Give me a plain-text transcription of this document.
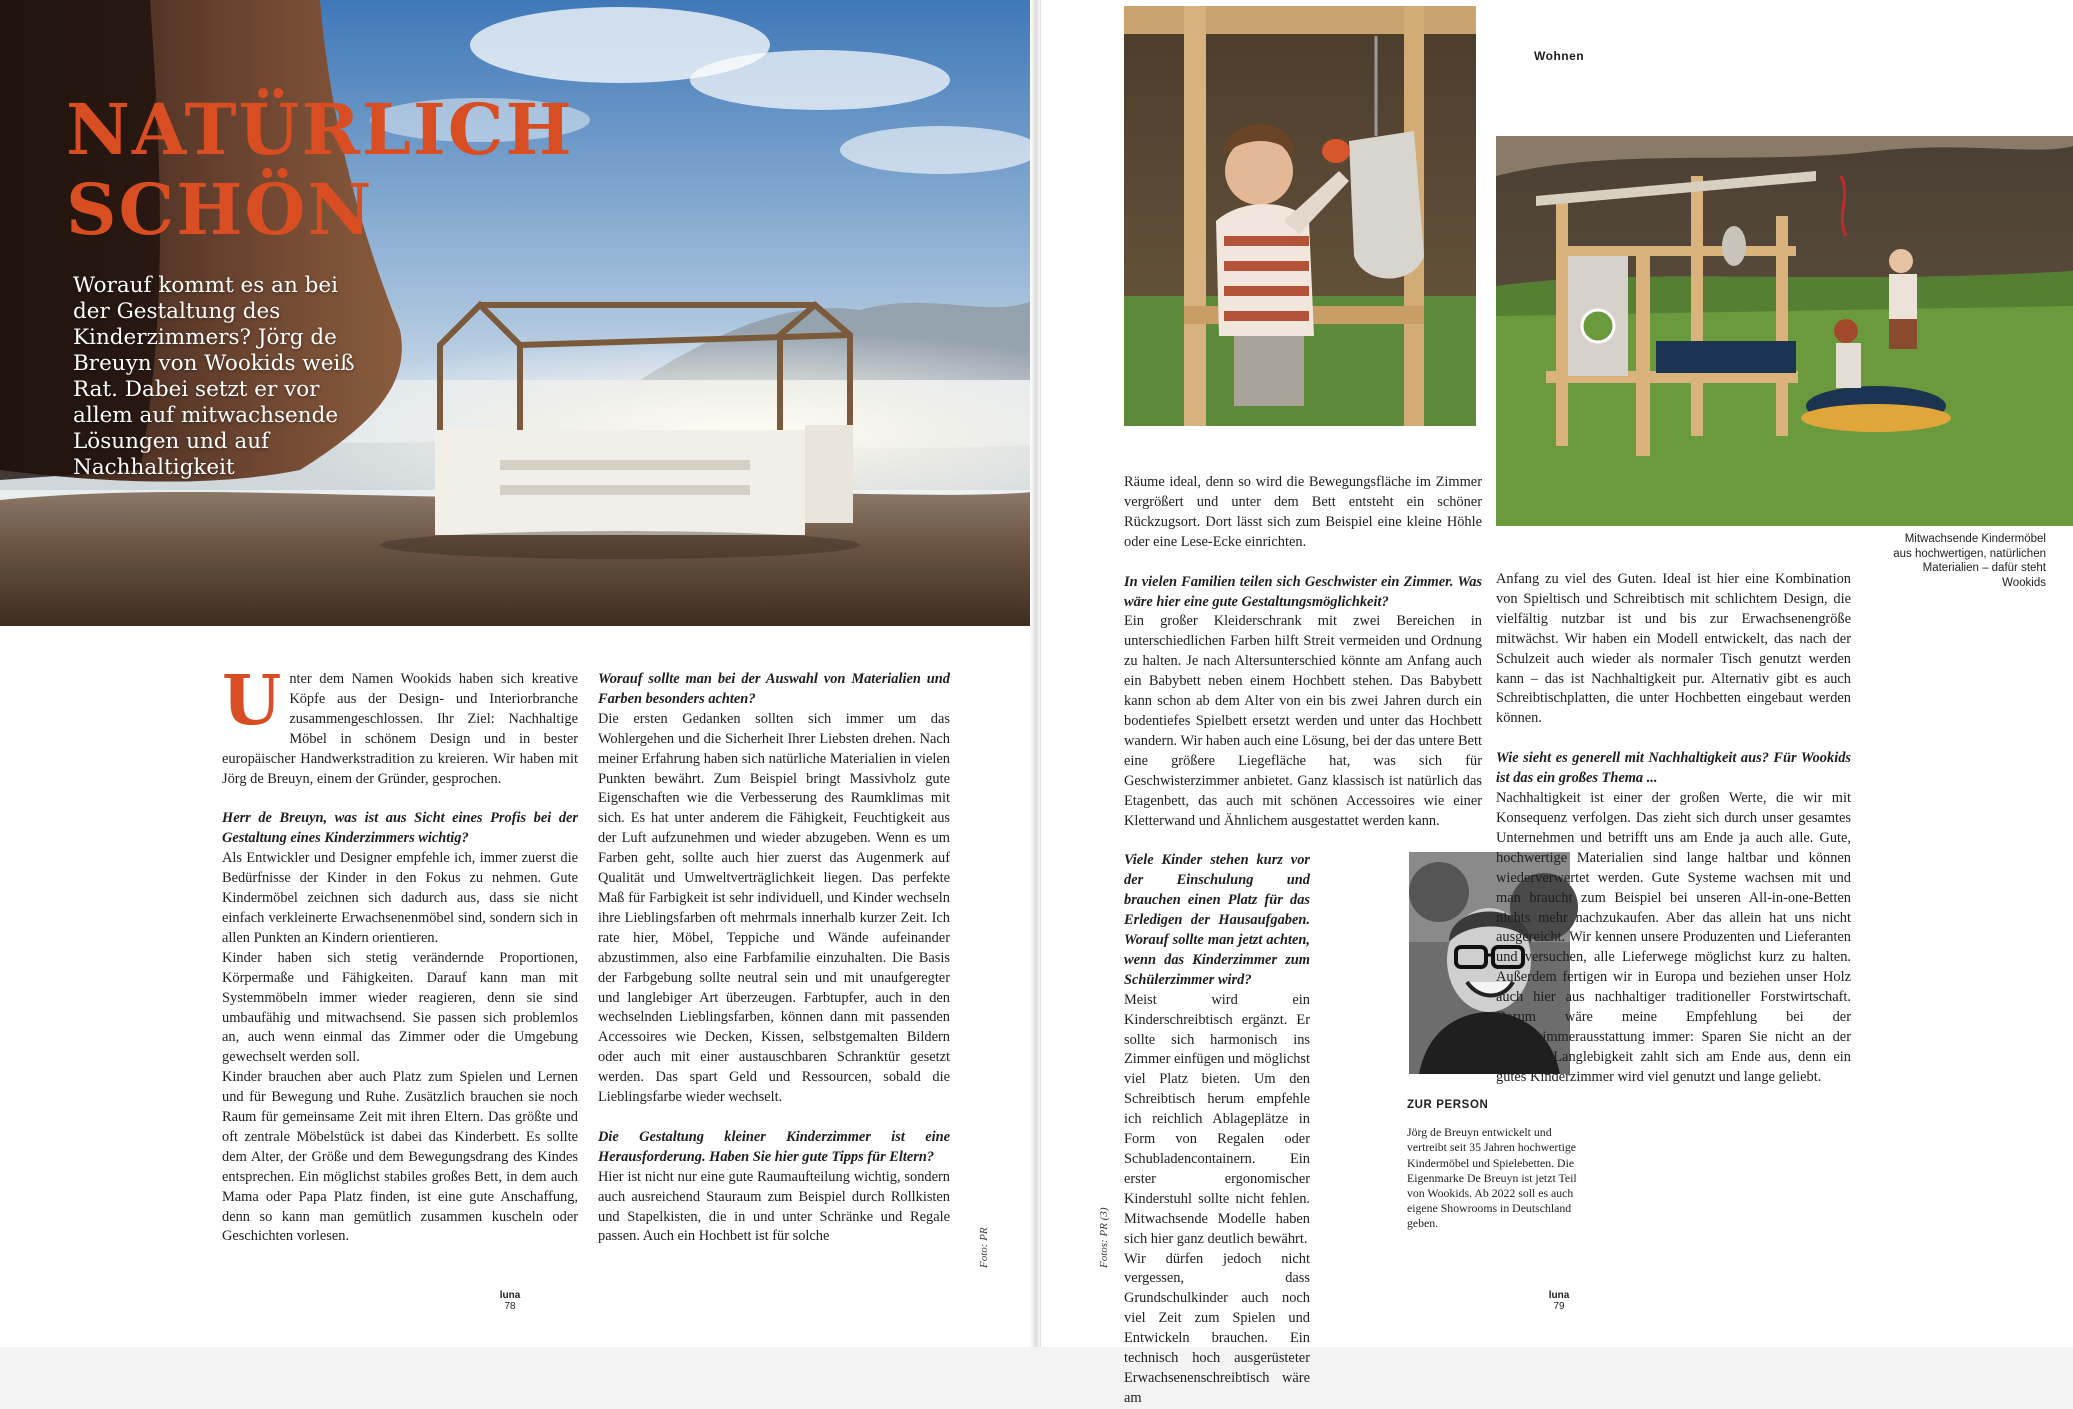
NATÜRLICH
SCHÖN

Worauf kommt es an bei der Gestaltung des Kinderzimmers? Jörg de Breuyn von Wookids weiß Rat. Dabei setzt er vor allem auf mitwachsende Lösungen und auf Nachhaltigkeit

Unter dem Namen Wookids haben sich kreative Köpfe aus der Design- und Interiorbranche zusammengeschlossen. Ihr Ziel: Nachhaltige Möbel in schönem Design und in bester europäischer Handwerkstradition zu kreieren. Wir haben mit Jörg de Breuyn, einem der Gründer, gesprochen.

Herr de Breuyn, was ist aus Sicht eines Profis bei der Gestaltung eines Kinderzimmers wichtig?

Als Entwickler und Designer empfehle ich, immer zuerst die Bedürfnisse der Kinder in den Fokus zu nehmen. Gute Kindermöbel zeichnen sich dadurch aus, dass sie nicht einfach verkleinerte Erwachsenenmöbel sind, sondern sich in allen Punkten an Kindern orientieren.

Kinder haben sich stetig verändernde Proportionen, Körpermaße und Fähigkeiten. Darauf kann man mit Systemmöbeln immer wieder reagieren, denn sie sind umbaufähig und mitwachsend. Sie passen sich problemlos an, auch wenn einmal das Zimmer oder die Umgebung gewechselt werden soll.

Kinder brauchen aber auch Platz zum Spielen und Lernen und für Bewegung und Ruhe. Zusätzlich brauchen sie noch Raum für gemeinsame Zeit mit ihren Eltern. Das größte und oft zentrale Möbelstück ist dabei das Kinderbett. Es sollte dem Alter, der Größe und dem Bewegungsdrang des Kindes entsprechen. Ein möglichst stabiles großes Bett, in dem auch Mama oder Papa Platz finden, ist eine gute Anschaffung, denn so kann man gemütlich zusammen kuscheln oder Geschichten vorlesen.

Worauf sollte man bei der Auswahl von Materialien und Farben besonders achten?

Die ersten Gedanken sollten sich immer um das Wohlergehen und die Sicherheit Ihrer Liebsten drehen. Nach meiner Erfahrung haben sich natürliche Materialien in vielen Punkten bewährt. Zum Beispiel bringt Massivholz gute Eigenschaften wie die Verbesserung des Raumklimas mit sich. Es hat unter anderem die Fähigkeit, Feuchtigkeit aus der Luft aufzunehmen und wieder abzugeben. Wenn es um Farben geht, sollte auch hier zuerst das Augenmerk auf Qualität und Umweltverträglichkeit liegen. Das perfekte Maß für Farbigkeit ist sehr individuell, und Kinder wechseln ihre Lieblingsfarben oft mehrmals innerhalb kurzer Zeit. Ich rate hier, Möbel, Teppiche und Wände aufeinander abzustimmen, also eine Farbfamilie einzuhalten. Die Basis der Farbgebung sollte neutral sein und mit unaufgeregter und langlebiger Art überzeugen. Farbtupfer, auch in den wechselnden Lieblingsfarben, können dann mit passenden Accessoires wie Decken, Kissen, selbstgemalten Bildern oder auch mit einer austauschbaren Schranktür gesetzt werden. Das spart Geld und Ressourcen, sobald die Lieblingsfarbe wieder wechselt.

Die Gestaltung kleiner Kinderzimmer ist eine Herausforderung. Haben Sie hier gute Tipps für Eltern?

Hier ist nicht nur eine gute Raumaufteilung wichtig, sondern auch ausreichend Stauraum zum Beispiel durch Rollkisten und Stapelkisten, die in und unter Schränke und Regale passen. Auch ein Hochbett ist für solche	Foto: PR
luna
78

Wohnen

Mitwachsende Kindermöbel aus hochwertigen, natürlichen Materialien – dafür steht Wookids

Räume ideal, denn so wird die Bewegungsfläche im Zimmer vergrößert und unter dem Bett entsteht ein schöner Rückzugsort. Dort lässt sich zum Beispiel eine kleine Höhle oder eine Lese-Ecke einrichten.

In vielen Familien teilen sich Geschwister ein Zimmer. Was wäre hier eine gute Gestaltungsmöglichkeit?

Ein großer Kleiderschrank mit zwei Bereichen in unterschiedlichen Farben hilft Streit vermeiden und Ordnung zu halten. Je nach Altersunterschied könnte am Anfang auch ein Babybett neben einem Hochbett stehen. Das Babybett kann schon ab dem Alter von ein bis zwei Jahren durch ein bodentiefes Spielbett ersetzt werden und unter das Hochbett wandern. Wir haben auch eine Lösung, bei der das untere Bett eine größere Liegefläche hat, was sich für Geschwisterzimmer anbietet. Ganz klassisch ist natürlich das Etagenbett, das auch mit schönen Accessoires wie einer Kletterwand und Ähnlichem ausgestattet werden kann.

Viele Kinder stehen kurz vor der Einschulung und brauchen einen Platz für das Erledigen der Hausaufgaben. Worauf sollte man jetzt achten, wenn das Kinderzimmer zum Schülerzimmer wird?

Meist wird ein Kinderschreibtisch ergänzt. Er sollte sich harmonisch ins Zimmer einfügen und möglichst viel Platz bieten. Um den Schreibtisch herum empfehle ich reichlich Ablageplätze in Form von Regalen oder Schubladencontainern. Ein erster ergonomischer Kinderstuhl sollte nicht fehlen. Mitwachsende Modelle haben sich hier ganz deutlich bewährt.

Wir dürfen jedoch nicht vergessen, dass Grundschulkinder auch noch viel Zeit zum Spielen und Entwickeln brauchen. Ein technisch hoch ausgerüsteter Erwachsenenschreibtisch wäre am

ZUR PERSON

Jörg de Breuyn entwickelt und vertreibt seit 35 Jahren hochwertige Kindermöbel und Spielebetten. Die Eigenmarke De Breuyn ist jetzt Teil von Wookids. Ab 2022 soll es auch eigene Showrooms in Deutschland geben.

Anfang zu viel des Guten. Ideal ist hier eine Kombination von Spieltisch und Schreibtisch mit schlichtem Design, die vielfältig nutzbar ist und bis zur Erwachsenengröße mitwächst. Wir haben ein Modell entwickelt, das nach der Schulzeit auch wieder als normaler Tisch genutzt werden kann – das ist Nachhaltigkeit pur. Alternativ gibt es auch Schreibtischplatten, die unter Hochbetten eingebaut werden können.

Wie sieht es generell mit Nachhaltigkeit aus? Für Wookids ist das ein großes Thema ...

Nachhaltigkeit ist einer der großen Werte, die wir mit Konsequenz verfolgen. Das zieht sich durch unser gesamtes Unternehmen und betrifft uns am Ende ja auch alle. Gute, hochwertige Materialien sind lange haltbar und können wiederverwertet werden. Gute Systeme wachsen mit und man braucht zum Beispiel bei unseren All-in-one-Betten nichts mehr nachzukaufen. Aber das allein hat uns nicht ausgereicht. Wir kennen unsere Produzenten und Lieferanten und versuchen, alle Lieferwege möglichst kurz zu halten. Außerdem fertigen wir in Europa und beziehen unser Holz auch hier aus nachhaltiger traditioneller Forstwirtschaft. Darum wäre meine Empfehlung bei der Kinderzimmerausstattung immer: Sparen Sie nicht an der Qualität. Langlebigkeit zahlt sich am Ende aus, denn ein gutes Kinderzimmer wird viel genutzt und lange geliebt.

Fotos: PR (3)
luna
79
